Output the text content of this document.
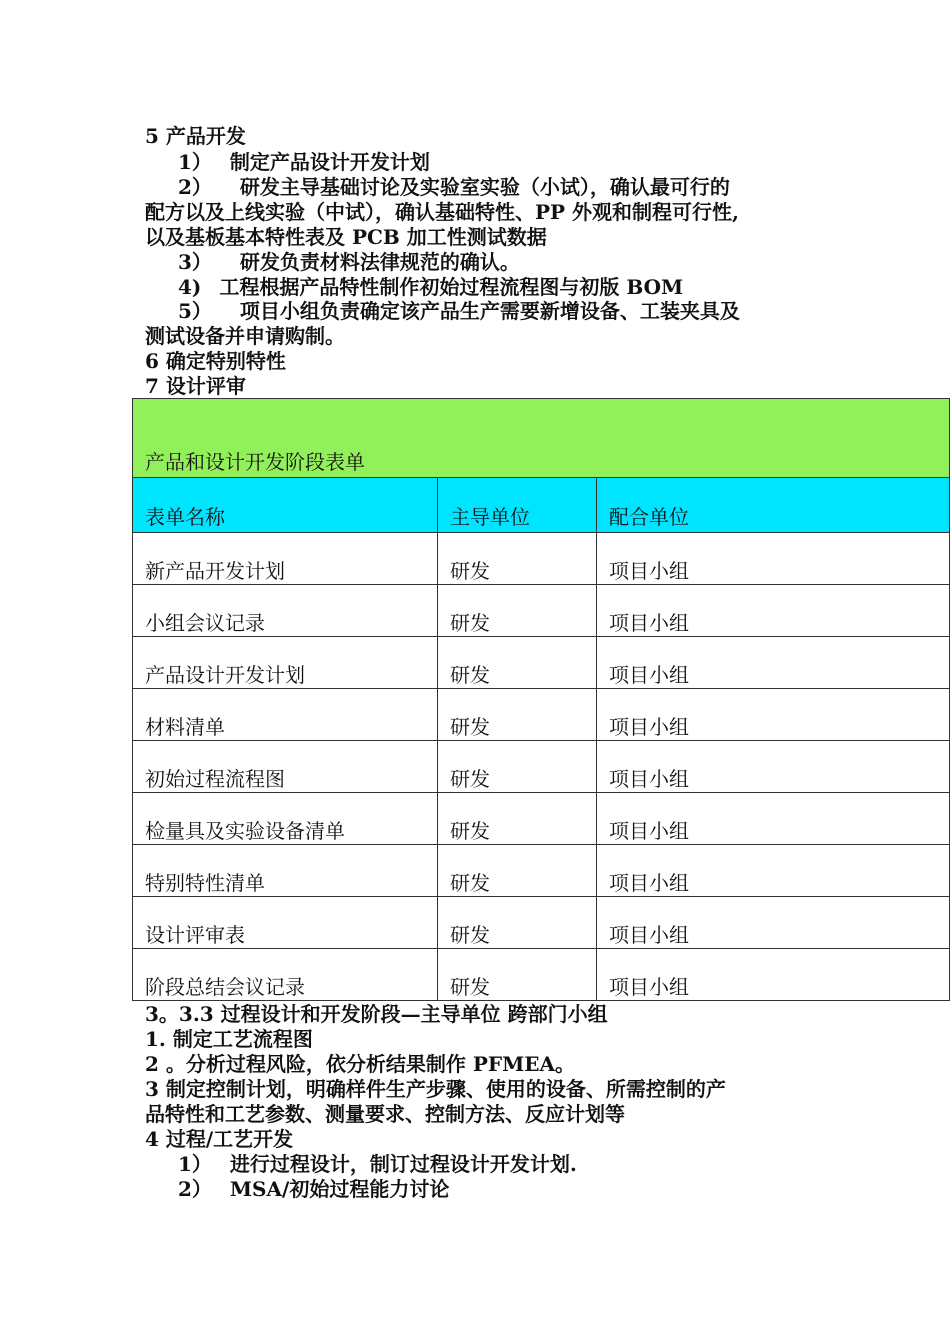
5 产品开发
1） 制定产品设计开发计划
2） 研发主导基础讨论及实验室实验（小试），确认最可行的
配方以及上线实验（中试），确认基础特性、PP 外观和制程可行性,
以及基板基本特性表及 PCB 加工性测试数据
3） 研发负责材料法律规范的确认。
4) 工程根据产品特性制作初始过程流程图与初版 BOM
5） 项目小组负责确定该产品生产需要新增设备、工装夹具及
测试设备并申请购制。
6 确定特别特性
7 设计评审
产品和设计开发阶段表单		
表单名称	主导单位	配合单位
新产品开发计划	研发	项目小组
小组会议记录	研发	项目小组
产品设计开发计划	研发	项目小组
材料清单	研发	项目小组
初始过程流程图	研发	项目小组
检量具及实验设备清单	研发	项目小组
特别特性清单	研发	项目小组
设计评审表	研发	项目小组
阶段总结会议记录	研发	项目小组
3。3.3 过程设计和开发阶段—主导单位 跨部门小组
1. 制定工艺流程图
2 。分析过程风险，依分析结果制作 PFMEA。
3 制定控制计划，明确样件生产步骤、使用的设备、所需控制的产
品特性和工艺参数、测量要求、控制方法、反应计划等
4 过程/工艺开发
1） 进行过程设计，制订过程设计开发计划.
2） MSA/初始过程能力讨论
